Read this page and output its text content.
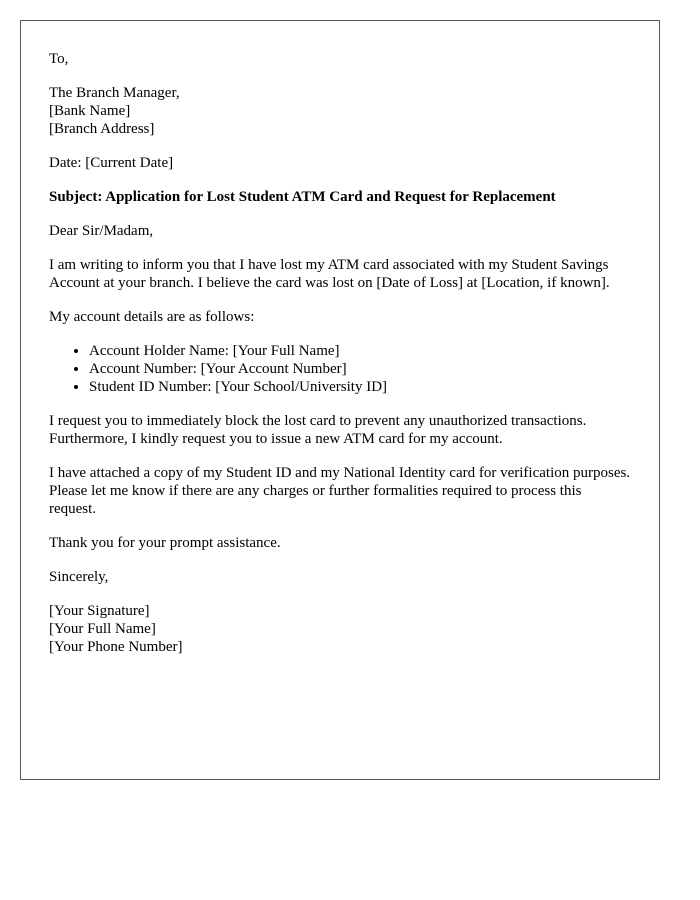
To,

The Branch Manager,
[Bank Name]
[Branch Address]

Date: [Current Date]

Subject: Application for Lost Student ATM Card and Request for Replacement

Dear Sir/Madam,

I am writing to inform you that I have lost my ATM card associated with my Student Savings Account at your branch. I believe the card was lost on [Date of Loss] at [Location, if known].

My account details are as follows:

• Account Holder Name: [Your Full Name]
• Account Number: [Your Account Number]
• Student ID Number: [Your School/University ID]

I request you to immediately block the lost card to prevent any unauthorized transactions. Furthermore, I kindly request you to issue a new ATM card for my account.

I have attached a copy of my Student ID and my National Identity card for verification purposes. Please let me know if there are any charges or further formalities required to process this request.

Thank you for your prompt assistance.

Sincerely,

[Your Signature]
[Your Full Name]
[Your Phone Number]
